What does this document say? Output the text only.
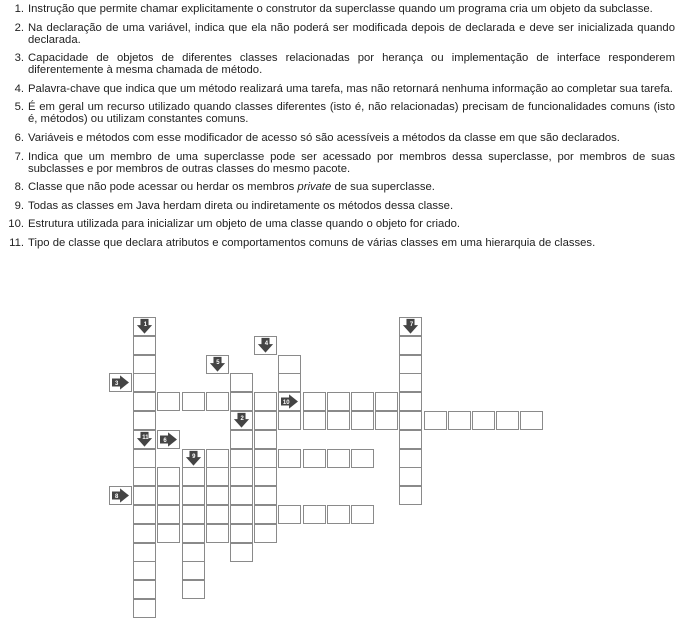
1. Instrução que permite chamar explicitamente o construtor da superclasse quando um programa cria um objeto da subclasse.
2. Na declaração de uma variável, indica que ela não poderá ser modificada depois de declarada e deve ser inicializada quando declarada.
3. Capacidade de objetos de diferentes classes relacionadas por herança ou implementação de interface responderem diferentemente à mesma chamada de método.
4. Palavra-chave que indica que um método realizará uma tarefa, mas não retornará nenhuma informação ao completar sua tarefa.
5. É em geral um recurso utilizado quando classes diferentes (isto é, não relacionadas) precisam de funcionalidades comuns (isto é, métodos) ou utilizam constantes comuns.
6. Variáveis e métodos com esse modificador de acesso só são acessíveis a métodos da classe em que são declarados.
7. Indica que um membro de uma superclasse pode ser acessado por membros dessa superclasse, por membros de suas subclasses e por membros de outras classes do mesmo pacote.
8. Classe que não pode acessar ou herdar os membros private de sua superclasse.
9. Todas as classes em Java herdam direta ou indiretamente os métodos dessa classe.
10. Estrutura utilizada para inicializar um objeto de uma classe quando o objeto for criado.
11. Tipo de classe que declara atributos e comportamentos comuns de várias classes em uma hierarquia de classes.
1	7
4
5
3
10
2
11 6
9
8
